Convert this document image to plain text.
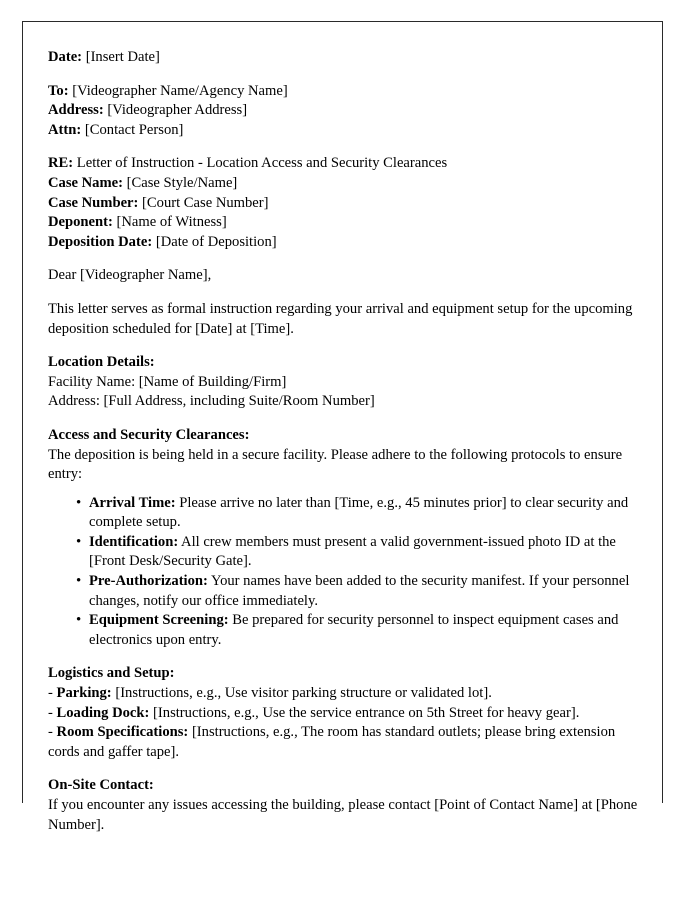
Date: [Insert Date]
To: [Videographer Name/Agency Name]
Address: [Videographer Address]
Attn: [Contact Person]
RE: Letter of Instruction - Location Access and Security Clearances
Case Name: [Case Style/Name]
Case Number: [Court Case Number]
Deponent: [Name of Witness]
Deposition Date: [Date of Deposition]
Dear [Videographer Name],

This letter serves as formal instruction regarding your arrival and equipment setup for the upcoming deposition scheduled for [Date] at [Time].

Location Details:
Facility Name: [Name of Building/Firm]
Address: [Full Address, including Suite/Room Number]
Access and Security Clearances:

The deposition is being held in a secure facility. Please adhere to the following protocols to ensure entry:

• Arrival Time: Please arrive no later than [Time, e.g., 45 minutes prior] to clear security and complete setup.
• Identification: All crew members must present a valid government-issued photo ID at the [Front Desk/Security Gate].
• Pre-Authorization: Your names have been added to the security manifest. If your personnel changes, notify our office immediately.
• Equipment Screening: Be prepared for security personnel to inspect equipment cases and electronics upon entry.
Logistics and Setup:

- Parking: [Instructions, e.g., Use visitor parking structure or validated lot].

- Loading Dock: [Instructions, e.g., Use the service entrance on 5th Street for heavy gear].

- Room Specifications: [Instructions, e.g., The room has standard outlets; please bring extension cords and gaffer tape].

On-Site Contact:

If you encounter any issues accessing the building, please contact [Point of Contact Name] at [Phone Number].
